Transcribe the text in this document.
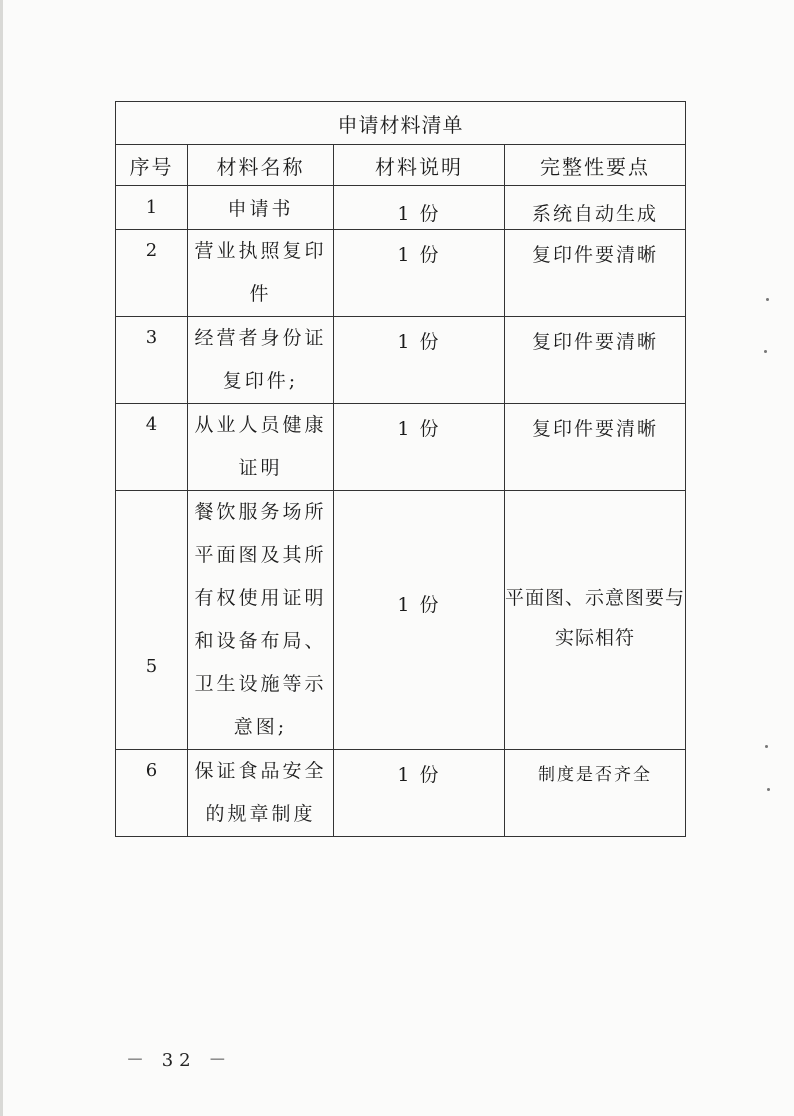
申请材料清单			
序号	材料名称	材料说明	完整性要点
1	申请书	1 份	系统自动生成
2	营业执照复印件	1 份	复印件要清晰
3	经营者身份证复印件;	1 份	复印件要清晰
4	从业人员健康证明	1 份	复印件要清晰
5	餐饮服务场所平面图及其所有权使用证明和设备布局、卫生设施等示意图;	1 份	平面图、示意图要与实际相符
6	保证食品安全的规章制度	1 份	制度是否齐全
－ 32 －
